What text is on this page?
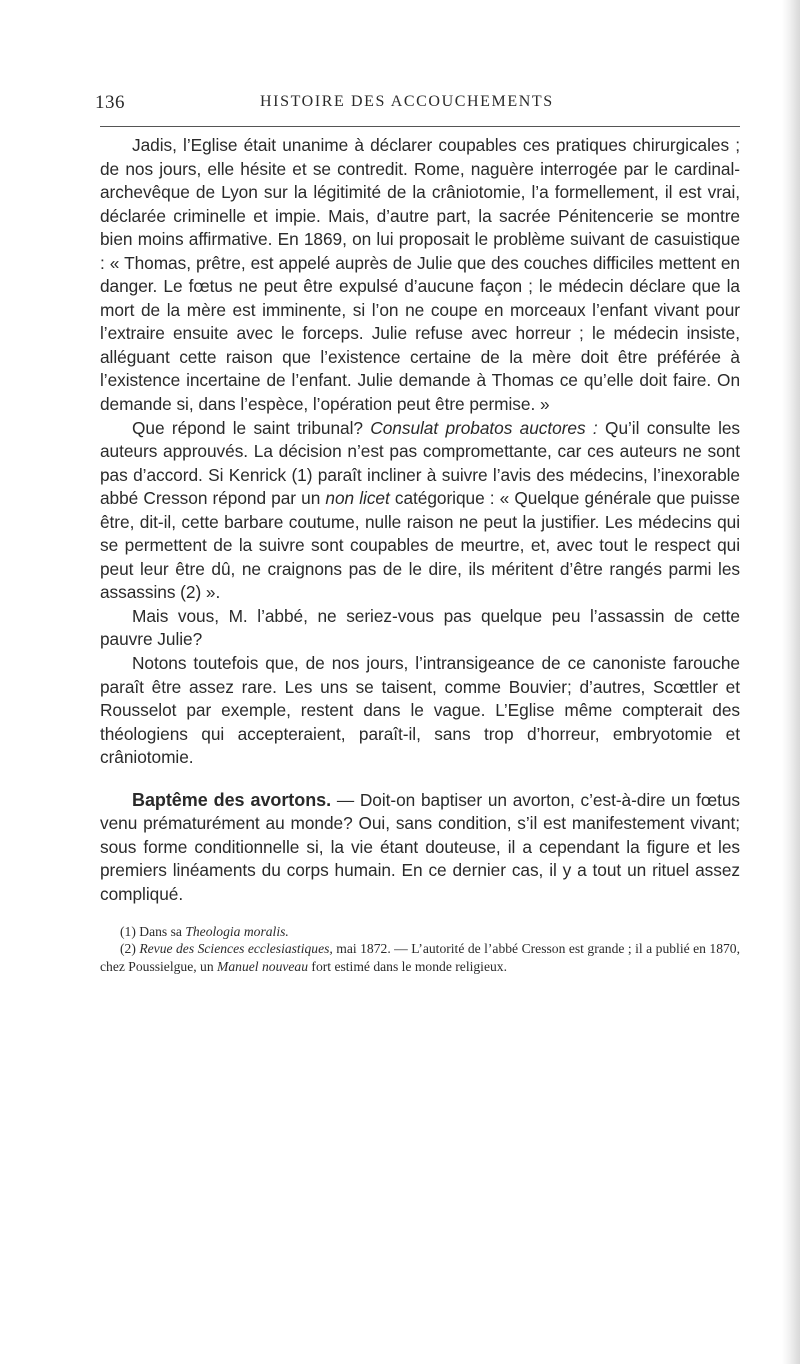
136	HISTOIRE DES ACCOUCHEMENTS

Jadis, l’Eglise était unanime à déclarer coupables ces pratiques chirurgicales ; de nos jours, elle hésite et se contredit. Rome, naguère interrogée par le cardinal-archevêque de Lyon sur la légitimité de la crâniotomie, l’a formellement, il est vrai, déclarée criminelle et impie. Mais, d’autre part, la sacrée Pénitencerie se montre bien moins affirmative. En 1869, on lui proposait le problème suivant de casuistique : « Thomas, prêtre, est appelé auprès de Julie que des couches difficiles mettent en danger. Le fœtus ne peut être expulsé d’aucune façon ; le médecin déclare que la mort de la mère est imminente, si l’on ne coupe en morceaux l’enfant vivant pour l’extraire ensuite avec le forceps. Julie refuse avec horreur ; le médecin insiste, alléguant cette raison que l’existence certaine de la mère doit être préférée à l’existence incertaine de l’enfant. Julie demande à Thomas ce qu’elle doit faire. On demande si, dans l’espèce, l’opération peut être permise. »

Que répond le saint tribunal? Consulat probatos auctores : Qu’il consulte les auteurs approuvés. La décision n’est pas compromettante, car ces auteurs ne sont pas d’accord. Si Kenrick (1) paraît incliner à suivre l’avis des médecins, l’inexorable abbé Cresson répond par un non licet catégorique : « Quelque générale que puisse être, dit-il, cette barbare coutume, nulle raison ne peut la justifier. Les médecins qui se permettent de la suivre sont coupables de meurtre, et, avec tout le respect qui peut leur être dû, ne craignons pas de le dire, ils méritent d’être rangés parmi les assassins (2) ».

Mais vous, M. l’abbé, ne seriez-vous pas quelque peu l’assassin de cette pauvre Julie?

Notons toutefois que, de nos jours, l’intransigeance de ce canoniste farouche paraît être assez rare. Les uns se taisent, comme Bouvier; d’autres, Scœttler et Rousselot par exemple, restent dans le vague. L’Eglise même compterait des théologiens qui accepteraient, paraît-il, sans trop d’horreur, embryotomie et crâniotomie.

Baptême des avortons. — Doit-on baptiser un avorton, c’est-à-dire un fœtus venu prématurément au monde? Oui, sans condition, s’il est manifestement vivant; sous forme conditionnelle si, la vie étant douteuse, il a cependant la figure et les premiers linéaments du corps humain. En ce dernier cas, il y a tout un rituel assez compliqué.

(1) Dans sa Theologia moralis.

(2) Revue des Sciences ecclesiastiques, mai 1872. — L’autorité de l’abbé Cresson est grande ; il a publié en 1870, chez Poussielgue, un Manuel nouveau fort estimé dans le monde religieux.
